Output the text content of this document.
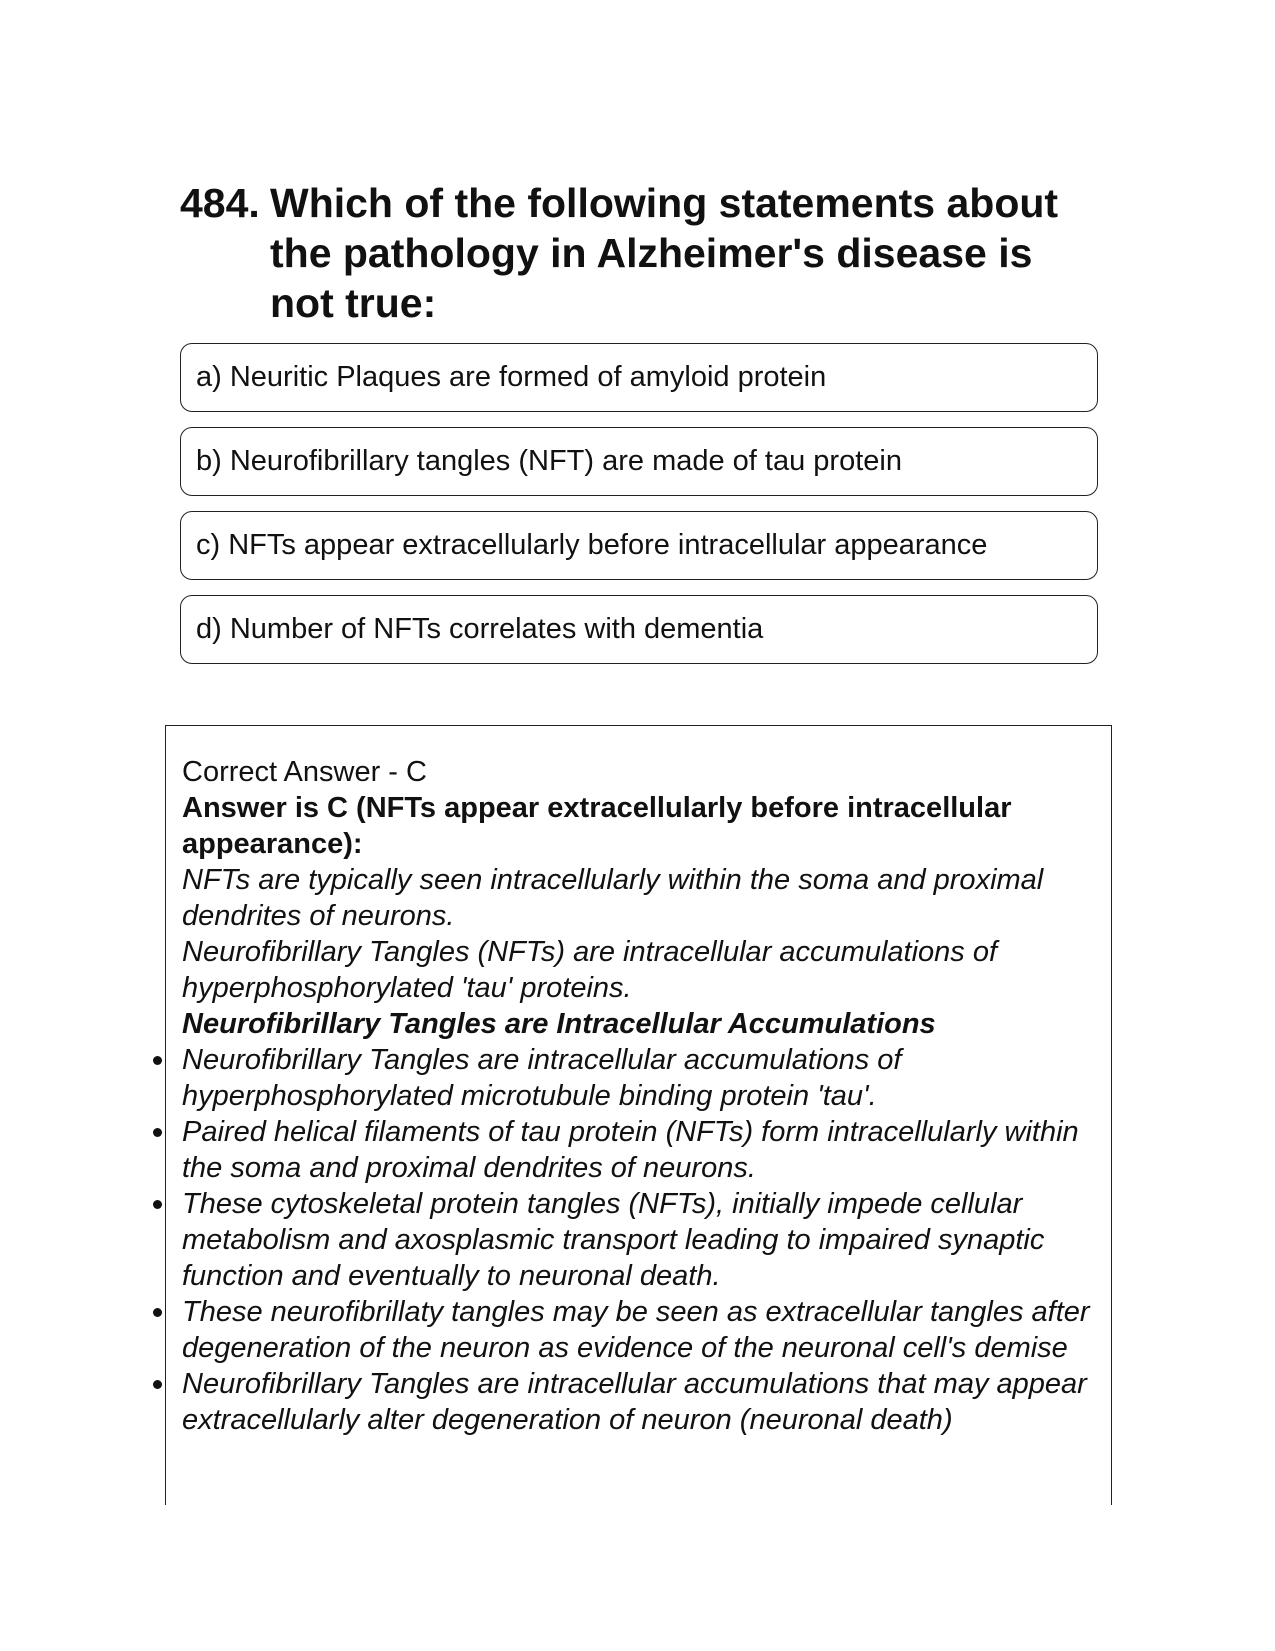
484. Which of the following statements about the pathology in Alzheimer's disease is not true:
a) Neuritic Plaques are formed of amyloid protein
b) Neurofibrillary tangles (NFT) are made of tau protein
c) NFTs appear extracellularly before intracellular appearance
d) Number of NFTs correlates with dementia

Correct Answer - C

Answer is C (NFTs appear extracellularly before intracellular appearance):

NFTs are typically seen intracellularly within the soma and proximal dendrites of neurons.

Neurofibrillary Tangles (NFTs) are intracellular accumulations of hyperphosphorylated 'tau' proteins.

Neurofibrillary Tangles are Intracellular Accumulations

Neurofibrillary Tangles are intracellular accumulations of hyperphosphorylated microtubule binding protein 'tau'.
Paired helical filaments of tau protein (NFTs) form intracellularly within the soma and proximal dendrites of neurons.
These cytoskeletal protein tangles (NFTs), initially impede cellular metabolism and axosplasmic transport leading to impaired synaptic function and eventually to neuronal death.
These neurofibrillaty tangles may be seen as extracellular tangles after degeneration of the neuron as evidence of the neuronal cell's demise
Neurofibrillary Tangles are intracellular accumulations that may appear extracellularly alter degeneration of neuron (neuronal death)
